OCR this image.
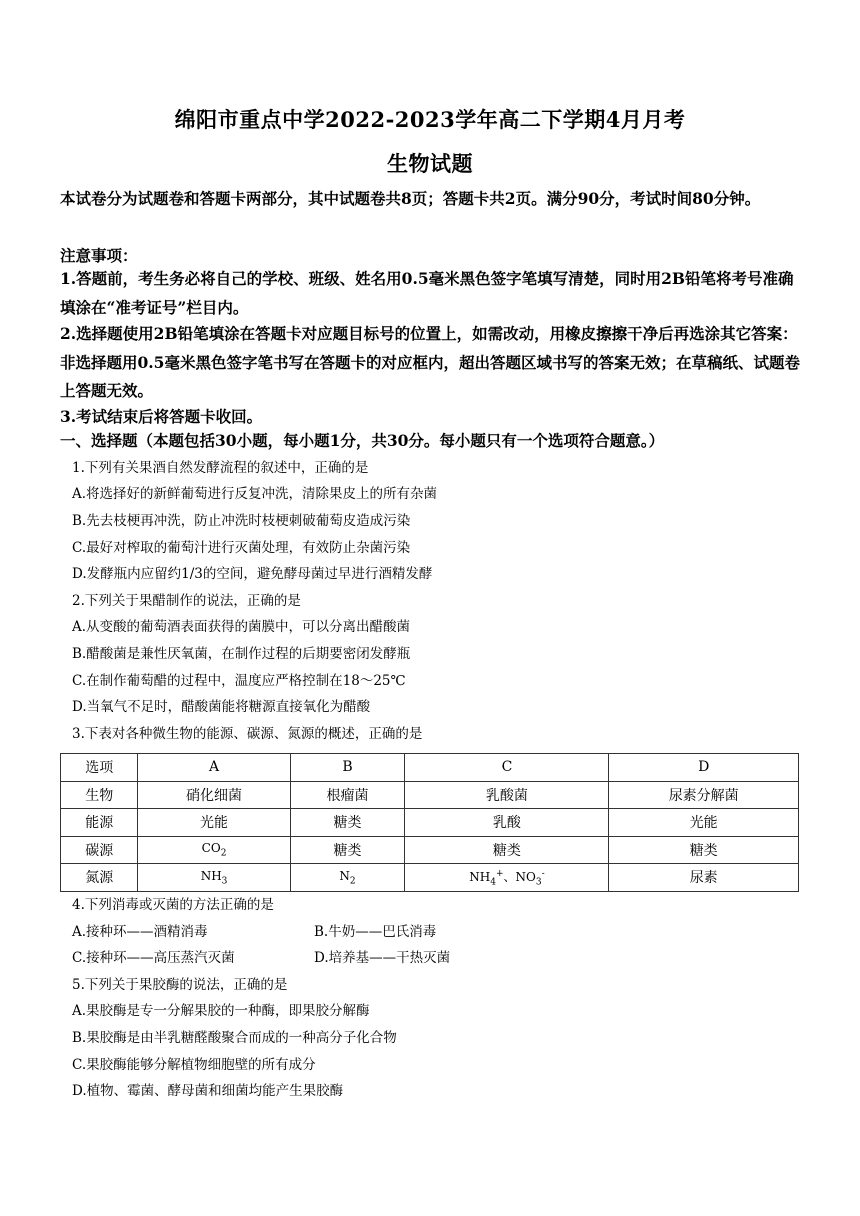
绵阳市重点中学2022-2023学年高二下学期4月月考
生物试题
本试卷分为试题卷和答题卡两部分，其中试题卷共8页；答题卡共2页。满分90分，考试时间80分钟。
注意事项：
1.答题前，考生务必将自己的学校、班级、姓名用0.5毫米黑色签字笔填写清楚，同时用2B铅笔将考号准确填涂在“准考证号”栏目内。
2.选择题使用2B铅笔填涂在答题卡对应题目标号的位置上，如需改动，用橡皮擦擦干净后再选涂其它答案：非选择题用0.5毫米黑色签字笔书写在答题卡的对应框内，超出答题区域书写的答案无效；在草稿纸、试题卷上答题无效。
3.考试结束后将答题卡收回。
一、选择题（本题包括30小题，每小题1分，共30分。每小题只有一个选项符合题意。）
1.下列有关果酒自然发酵流程的叙述中，正确的是
A.将选择好的新鲜葡萄进行反复冲洗，清除果皮上的所有杂菌
B.先去枝梗再冲洗，防止冲洗时枝梗刺破葡萄皮造成污染
C.最好对榨取的葡萄汁进行灭菌处理，有效防止杂菌污染
D.发酵瓶内应留约1/3的空间，避免酵母菌过早进行酒精发酵
2.下列关于果醋制作的说法，正确的是
A.从变酸的葡萄酒表面获得的菌膜中，可以分离出醋酸菌
B.醋酸菌是兼性厌氧菌，在制作过程的后期要密闭发酵瓶
C.在制作葡萄醋的过程中，温度应严格控制在18～25℃
D.当氧气不足时，醋酸菌能将糖源直接氧化为醋酸
3.下表对各种微生物的能源、碳源、氮源的概述，正确的是
选项	A	B	C	D
生物	硝化细菌	根瘤菌	乳酸菌	尿素分解菌
能源	光能	糖类	乳酸	光能
碳源	$CO_2$	糖类	糖类	糖类
氮源	$NH_3$	$N_2$	$NH_4^+$、$NO_3^-$	尿素
4.下列消毒或灭菌的方法正确的是
A.接种环——酒精消毒	B.牛奶——巴氏消毒
C.接种环——高压蒸汽灭菌	D.培养基——干热灭菌
5.下列关于果胶酶的说法，正确的是
A.果胶酶是专一分解果胶的一种酶，即果胶分解酶
B.果胶酶是由半乳糖醛酸聚合而成的一种高分子化合物
C.果胶酶能够分解植物细胞壁的所有成分
D.植物、霉菌、酵母菌和细菌均能产生果胶酶
